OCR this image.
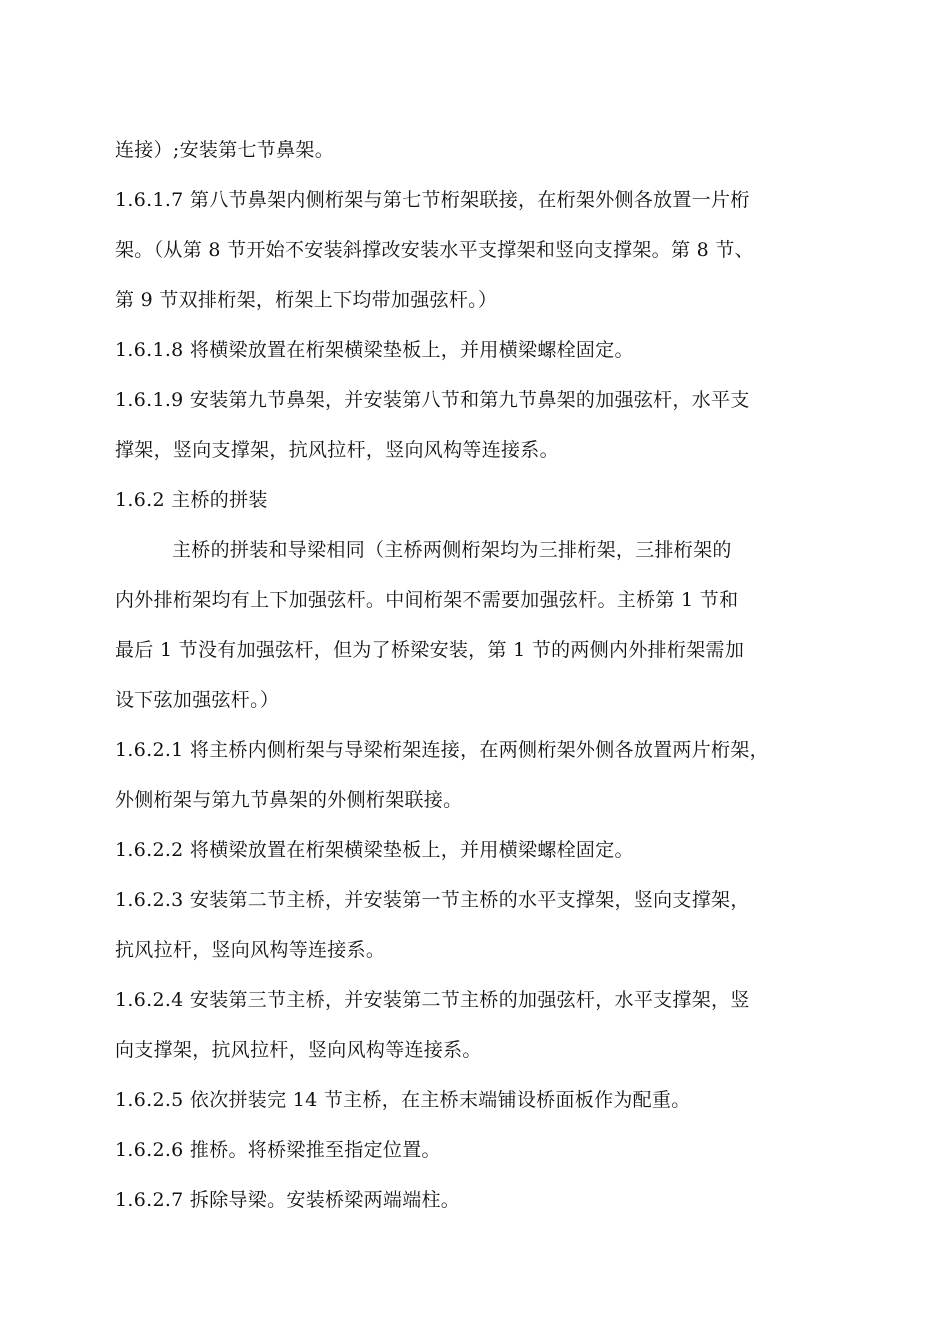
连接）;安装第七节鼻架。
1.6.1.7 第八节鼻架内侧桁架与第七节桁架联接，在桁架外侧各放置一片桁
架。（从第 8 节开始不安装斜撑改安装水平支撑架和竖向支撑架。第 8 节、
第 9 节双排桁架，桁架上下均带加强弦杆。）
1.6.1.8 将横梁放置在桁架横梁垫板上，并用横梁螺栓固定。
1.6.1.9 安装第九节鼻架，并安装第八节和第九节鼻架的加强弦杆，水平支
撑架，竖向支撑架，抗风拉杆，竖向风构等连接系。
1.6.2 主桥的拼装
主桥的拼装和导梁相同（主桥两侧桁架均为三排桁架，三排桁架的
内外排桁架均有上下加强弦杆。中间桁架不需要加强弦杆。主桥第 1 节和
最后 1 节没有加强弦杆，但为了桥梁安装，第 1 节的两侧内外排桁架需加
设下弦加强弦杆。）
1.6.2.1 将主桥内侧桁架与导梁桁架连接，在两侧桁架外侧各放置两片桁架，
外侧桁架与第九节鼻架的外侧桁架联接。
1.6.2.2 将横梁放置在桁架横梁垫板上，并用横梁螺栓固定。
1.6.2.3 安装第二节主桥，并安装第一节主桥的水平支撑架，竖向支撑架，
抗风拉杆，竖向风构等连接系。
1.6.2.4 安装第三节主桥，并安装第二节主桥的加强弦杆，水平支撑架，竖
向支撑架，抗风拉杆，竖向风构等连接系。
1.6.2.5 依次拼装完 14 节主桥，在主桥末端铺设桥面板作为配重。
1.6.2.6 推桥。将桥梁推至指定位置。
1.6.2.7 拆除导梁。安装桥梁两端端柱。
